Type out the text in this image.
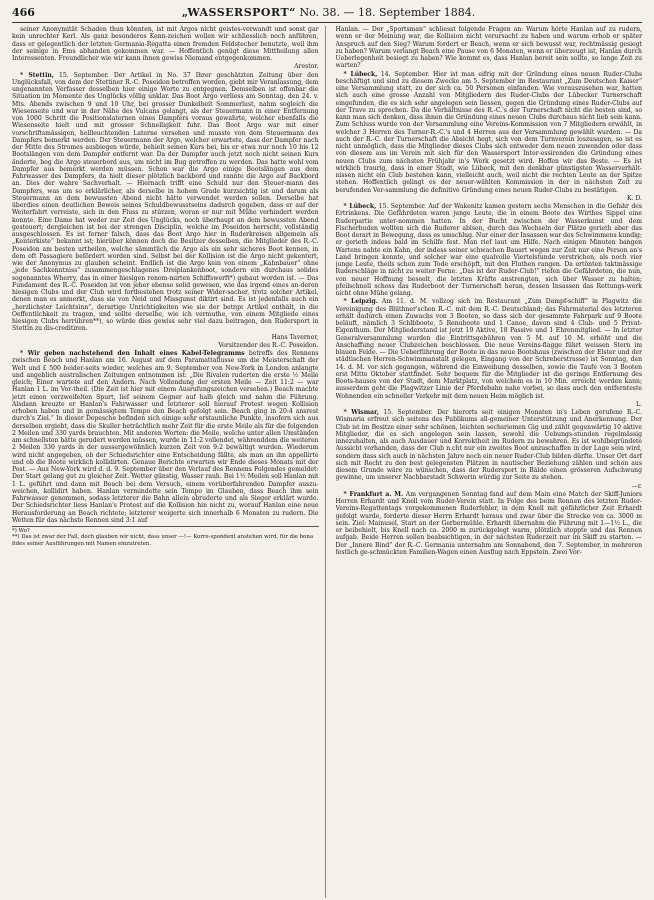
466	„WASSERSPORT“ No. 38. — 18. September 1884.

seiner Anonymität Schaden thun könnten, ist mit Argos nicht geistes-verwandt und sonst gar kein unrechter Kerl. Als ganz besonderes Kenn-zeichen wollen wir schliesslich noch anführen, dass er gelegentlich der letzten Germania-Regatta einen fremden Feldstecher benutzte, weil ihm der seinige in Ems abhanden gekommen war. — Hoffentlich genügt diese Mittheilung allen Interessenten. Freundlicher wie wir kann ihnen gewiss Niemand entgegenkommen.

Arestor.

* Stettin, 15. September. Der Artikel in No. 37 Ihrer geschätzten Zeitung über den Unglücksfall, von dem der Stettiner R.-C. Poseidon betroffen worden, giebt mir Veranlassung, dem ungenannten Verfasser desselben hier einige Worte zu entgegnen. Demselben ist offenbar die Situation im Momente des Unglücks völlig unklar. Das Boot Argo verliess am Sonntag, den 24. v. Mts. Abends zwischen 9 und 10 Uhr, bei grosser Dunkelheit Sommerlust, nahm sogleich die Wiesenseite und war in der Nähe des Vulcans gelangt, als der Steuermann in einer Entfernung von 1000 Schritt die Positionslaternen eines Dampfers voraus gewahrte, welcher ebenfalls die Wiesenseite hielt und mit grosser Schnelligkeit fuhr. Das Boot Argo war mit einer vorschriftsmässigen, hellleuchtenden Laterne versehen und musste von dem Steuermann des Dampfers bemerkt werden. Der Steuermann der Argo, welcher erwartete, dass der Dampfer nach der Mitte des Stromes ausbiegen würde, behielt seinen Kurs bei, bis er etwa nur noch 10 bis 12 Bootslängen von dem Dampfer entfernt war. Da der Dampfer auch jetzt noch nicht seinen Kurs änderte, bog die Argo steuerbord aus, um nicht im Bug getroffen zu werden. Das hatte wohl vom Dampfer aus bemerkt werden müssen. Schon war die Argo einige Bootslängen aus dem Fahrwasser des Dampfers, da hielt dieser plötzlich backbord und rannte die Argo auf Backbord an. Dies der wahre Sachverhalt. — Hiernach trifft eine Schuld nur den Steuer-mann des Dampfers, was um so erklärlicher, als derselbe in hohem Grade kurzsichtig ist und darum als Steuermann an dem bewussten Abend nicht hätte verwendet werden sollen. Derselbe hat überdies einen deutlichen Beweis seines Schuldbewusstseins dadurch gegeben, dass er auf der Weiterfahrt verreiste, sich in den Fluss zu stürzen, woran er nur mit Mühe verhindert werden konnte. Eine Dame hat weder zur Zeit des Unglücks, noch überhaupt an dem bewussten Abend gesteuert; dergleichen ist bei der strengen Disciplin, welche im Poseidon herrscht, vollständig ausgeschlossen. Es ist ferner falsch, dass das Boot Argo hier in Ruderkreisen allgemein als „Kenterkiste“ bekannt ist; hierüber können doch die Besitzer desselben, die Mitglieder des R.-C. Poseidon am besten urtheilen, welche sämmtlich die Argo als ein sehr sicheres Boot kennen, in dem oft Passagiere befördert worden sind. Selbst bei der Kollision ist die Argo nicht gekentert, wie der Anonymus zu glauben scheint. Endlich ist die Argo kein von einem „Kahnbauer“ ohne „jede Sachkenntniss“ zusammengeschlagenes Dreiplankenboot, sondern ein durchaus solides sogenanntes Wherry, das in einer hiesigen renom-mirten Schiffswerft*) gebaut worden ist. — Das Fundament des R.-C. Poseidon ist von jeher ebenso solid gewesen, wie das irgend eines an-deren hiesigen Clubs und der Club wird fortbestehen trotz seiner Wider-sacher, trotz solcher Artikel, denen man es anmerkt, dass sie von Neid und Missgunst diktirt sind. Es ist jedenfalls auch ein „herzlichster Leichtsinn“, derartige Unrichtigkeiten wie sie der betrge Artikel enthält, in die Oeffentlichkeit zu tragen, und sollte derselbe, wie ich vermuthe, von einem Mitgliede eines hiesigen Clubs herrühren**), so würde dies gewiss sehr viel dazu beitragen, den Rudersport in Stettin zu dis-creditiren.

Hans Taverner,

Vorsitzender des R.-C. Poseidon.

* Wir geben nachstehend den Inhalt eines Kabel-Telegramms betreffs des Rennens zwischen Beach und Hanlan am 16. August auf dem Paramattaflusse um die Meisterschaft der Welt und £ 500 beider-seits wieder, welches am 9. September von New-York in London anlangte und angeblich australischen Zeitungen entnommen ist: „Die Rivalen ruderten die erste ½ Meile gleich; Einer wartete auf den Andern. Nach Vollendung der ersten Meile — Zeit 11:2 — war Hanlan 1 L. im Vor-theil. (Die Zeit ist hier mit einem Ausrufungszeichen versehen.) Beach machte jetzt einen verzweifelten Spurt, lief seinem Gegner auf halb gleich und nahm die Führung. Alsdann kreuzte er Hanlan's Fahrwasser und letzterer soll hierauf Protest wegen Kollision erhoben haben und in gemässigtem Tempo den Beach gefolgt sein. Beach ging in 20:4 ansrest durch's Ziel.“ In dieser Depesche befinden sich einige sehr erstaunliche Punkte, insofern sich aus derselben ergiebt, dass die Skuller beträchtlich mehr Zeit für die erste Meile als für die folgenden 2 Meilen und 330 yards brauchten. Mit anderen Worten: die Meile, welche unter allen Umständen am schnellsten hätte gerudert werden müssen, wurde in 11:2 vollendet, währenddem die weiteren 2 Meilen 330 yards in der aussergewöhnlich kurzen Zeit von 9:2 bewältigt wurden. Wiederum wird nicht angegeben, ob der Schiedsrichter eine Entscheidung fällte, als man an ihn appellirte und ob die Boote wirklich kollidirten. Genaue Berichte erwarten wir Ende dieses Monats mit der Post. — Aus New-York wird d. d. 9. September über den Verlauf des Rennens Folgendes gemeldet: Der Start gelang gut zu gleicher Zeit. Wetter günstig, Wasser rauh. Bei 1½ Meilen soll Hanlan mit 1 L. geführt und dann mit Beach bei dem Versuch, einem vorüberfahrenden Dampfer auszu-weichen, kollidirt haben. Hanlan vermindette sein Tempo im Glauben, dass Beach ihm sein Fahrwasser genommen, sodass letzterer die Bahn allein abruderte und als Sieger erklärt wurde. Der Schiedsrichter liess Hanlan's Protest auf die Kollision hin nicht zu, worauf Hanlan eine neue Herausforderung an Beach richtete; letzterer weigerte sich innerhalb 6 Monaten zu rudern. Die Wetten für das nächste Rennen sind 3:1 auf

*) Wo?
**) Das ist zwar der Fall, doch glauben wir nicht, dass unser —!— Korre-spondent anstehen wird, für die bona fides seiner Ausführungen mit Namen einzutreten.

Hanlan. — Der „Sportsman“ schliesst folgende Fragen an: Warum hörte Hanlan auf zu rudern, wenn er der Meinung war, die Kollision nicht verursacht zu haben und warum erhob er später Anspruch auf den Sieg? Warum fordert er Beach, wenn er sich bewusst war, rechtmässig gesiegt zu haben? Warum verlangt Beach eine Pause von 6 Monaten, wenn er überzeugt ist, Hanlan durch Ueberlegenheit besiegt zu haben? Wie kommt es, dass Hanlan bereit sein sollte, so lange Zeit zu warten?

* Lübeck, 14. September. Hier ist man eifrig mit der Gründung eines neuen Ruder-Clubs beschäftigt und sind zu diesem Zwecke am 5. September im Restaurant „Zum Deutschen Kaiser“ eine Versammlung statt, zu der sich ca. 50 Personen einfanden. Wie vorauszusehen war, hatten sich auch eine grosse Anzahl von Mitgliedern des Ruder-Clubs der Lübecker Turnerschaft eingefunden, die es sich sehr angelegen sein liessen, gegen die Gründung eines Ruder-Clubs auf der Trave zu sprechen. Da die Verhältnisse des R.-C.'s der Turnerschaft nicht die besten sind, so kann man sich denken, dass ihnen die Gründung eines neuen Clubs durchaus nicht lieb sein kann. Zum Schluss wurde von der Versammlung eine Vereins-Kommission von 7 Mitgliedern erwählt, in welcher 3 Herren des Turner-R.-C.'s und 4 Herren aus der Versammlung gewählt wurden. — Da auch der R.-C. der Turnerschaft die Absicht hegt, sich von dem Turnverein loszusagen, so ist es nicht unmöglich, dass die Mitglieder dieses Clubs sich entweder dem neuen zuwenden oder dass von diesem aus im Verein mit sich für den Wassersport Inter-essirenden die Gründung eines neuen Clubs zum nächsten Frühjahr in's Werk gesetzt wird. Hoffen wir das Beste. — Es ist wirklich traurig, dass in einer Stadt, wie Lübeck, mit den denkbar günstigsten Wasserverhält-nissen nicht ein Club bestehen kann, vielleicht auch, weil nicht die rechten Leute an der Spitze stehen. Hoffentlich gelingt es der neuer-wählten Kommission in der in nächsten Zeit zu berufenden Ver-sammlung die definitive Gründung eines neuen Ruder-Clubs zu bestätigen.

K. D.

* Lübeck, 15. September. Auf der Wakenitz kamen gestern sechs Menschen in die Gefahr des Ertrinkens. Die Gefährdeten waren junge Leute, die in einem Boote des Wirthes Sippel eine Ruderpartie unter-nommen hatten. In der Bucht zwischen der Wasserkunst und dem Fischerbuden wollten sich die Ruderer ablsen, durch das Wechseln der Plätze gerieth aber das Boot derart in Bewegung, dass es umschlug. Nur einer der Insassen war des Schwimmens kundig; er gerieth indess bald im Schilfe fest. Man rief laut um Hilfe. Nach einigen Minuten bangen Wartens nahte ein Kahn, der indess seiner schwachen Bauart wegen zur Zeit nur eine Person an's Land bringen konnte, und solcher war eine qualvolle Viertelstunde verstrichen, als noch vier junge Leute, theils schon zum Tode erschöpft, mit den Fluthen rangen. Da ertönten taktmässige Ruderschläge in nicht zu weiter Ferne. „Das ist der Ruder-Club!“ riefen die Gefährdeten, die nun, von neuer Hoffnung beseelt, die letzten Kräfte anstrengten, sich über Wasser zu halten; pfeilschnell schoss das Ruderboot der Turnerschaft heran, dessen Insassen das Rettungs-werk nicht ohne Mühe gelang.

* Leipzig. Am 11. d. M. vollzog sich im Restaurant „Zum Dampf-schiff“ in Plagwitz die Vereinigung des Blüthner'schen R.-C. mit dem R.-C. Deutschland; das Fahrmaterial des letzteren erhält dadurch einen Zuwachs von 3 Booten, so dass sich der gesammte Fahrpark auf 9 Boote beläuft, nämlich 3 Schlbboote, 5 Renuboote und 1 Canoe, davon sind 4 Club- und 5 Privat-Eigenthum. Der Mitgliederstand ist jetzt 19 Aktive, 18 Passive und 1 Ehrenmitglied. — In letzter Generalversammlung wurden die Eintrittsgebühren von 5 M. auf 10 M. erhöht und die Anschaffung neuer Clubzeichen beschlossen. Die neue Vereins-flagge führt weissen Stern im blauen Felde. — Die Ueberführung der Boote in das neue Bootshaus (zwischen der Elster und der städtischen Herren-Schwimmanstalt gelegen, Eingang von der Schreberstrasse) ist Sonntag, den 14. d. M. vor sich gegangen, während die Einweihung desselben, sowie die Taufe von 3 Booten erst Mitte Oktober stattfindet. Sehr bequem für die Mitglieder ist die geringe Entfernung des Boots-hauses von der Stadt, dem Marktplatz, von welchem es in 10 Min. erreicht werden kann; ausserdem geht die Plagwitzer Linie der Pferdebahn nahe vorbei, so dass auch den entfernteste Wohnenden ein schneller Verkehr mit dem neuen Heim möglich ist.

L.

* Wismar, 15. September. Der hierorts seit einigen Monaten in's Leben gerufene R.-C. Wismaria erfreut sich seitens des Publikums all-gemeiner Unterstützung und Anerkennung. Der Club ist im Besitze einer sehr schönen, leichten sechsriemen Gig und zählt gegenwärtig 10 aktive Mitglieder, die es sich angelegen sein lassen, sowohl die Uebungs-stunden regelmässig innezuhalten, als auch Ausdauer und Korrektheit im Rudern zu bewahren. Es ist wohlbegründete Aussicht vorhanden, dass der Club n.cht nur ein zweites Boot anzuschaffen in der Lage sein wird, sondern dass sich auch in nächsten Jahre noch ein neuer Ruder-Club bilden dürfte. Unser Ort darf sich mit Recht zu den best gelegensten Plätzen in nautischer Beziehung zählen und schon aus diesem Grunde wäre zu wünschen, dass der Rudersport in Bälde einen grösseren Aufschwung gewinne, um unserer Nachbarstadt Schwerin würdig zur Seite zu stehen.

—r.

* Frankfurt a. M. Am vergangenen Sonntag fand auf dem Main eine Match der Skiff-Juniors Herren Erhardt und Knell vom Ruder-Verein statt. In Folge des beim Rennen des letzten Ruder-Vereins-Regattentags vorgekommenen Ruderfehler, in dem Knell mit gefährlicher Zeit Erhardt gefolgt wurde, forderte dieser Herrn Erhardt heraus und zwar über die Strecke von ca. 3000 m sein. Ziel: Mainusel, Start an der Gerbermühle. Erhardt übernahm die Führung mit 1—1½ L., die er beibehielt, bis Knell nach ca. 2000 m zurückgelegt warm, plötzlich stoppte und das Rennen aufgab. Beide Herren sollen beabsichtigen, in der nächsten Ruderzeit nur im Skiff zu starten. — Der „Innere Bind“ der R.-C. Germania unternahm am Sonnabend, den 7. September, in mehreren festlich ge-schmückten Familien-Wagen einen Ausflug nach Eppstein. Zwei Vor-
